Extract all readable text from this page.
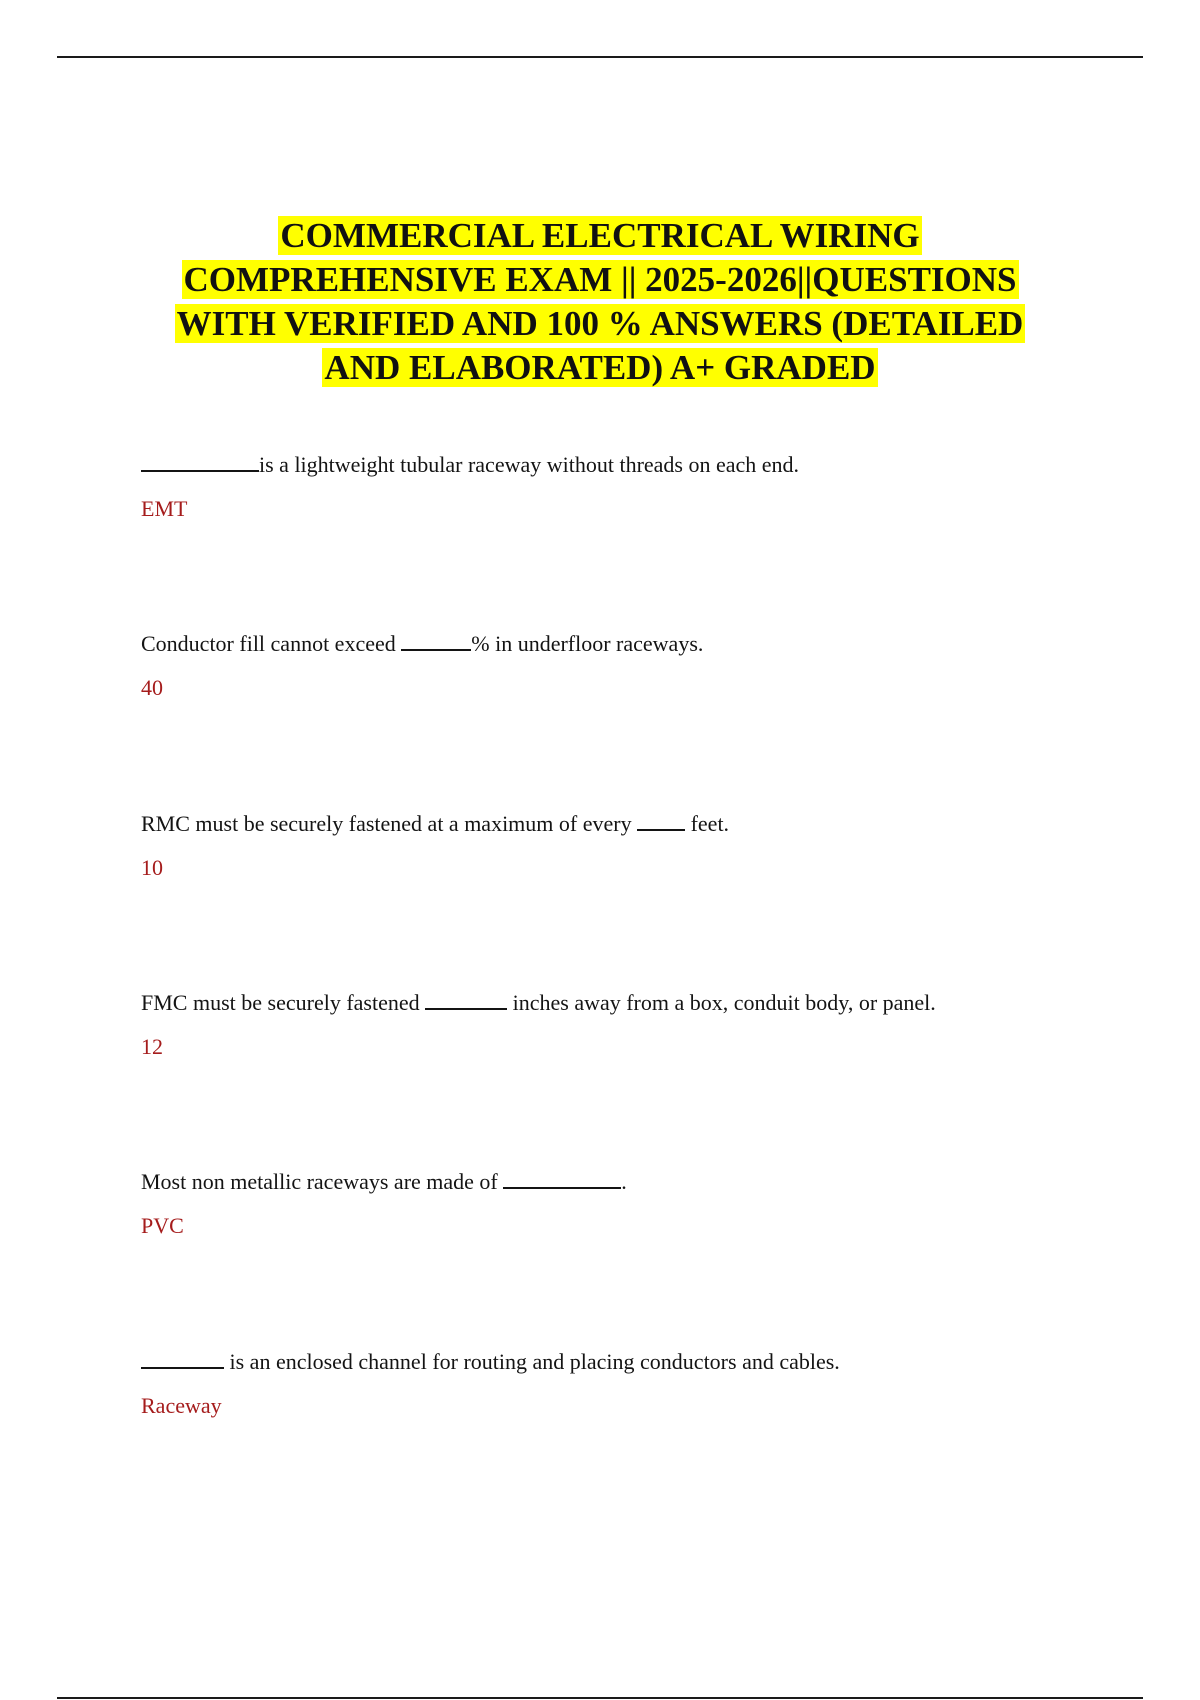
COMMERCIAL ELECTRICAL WIRING
COMPREHENSIVE EXAM || 2025-2026||QUESTIONS
WITH VERIFIED AND 100 % ANSWERS (DETAILED
AND ELABORATED) A+ GRADED
is a lightweight tubular raceway without threads on each end.
EMT
Conductor fill cannot exceed	% in underfloor raceways.
40
RMC must be securely fastened at a maximum of every  feet.
10
FMC must be securely fastened	inches away from a box, conduit body, or panel.
12
Most non metallic raceways are made of	.
PVC
is an enclosed channel for routing and placing conductors and cables.
Raceway
